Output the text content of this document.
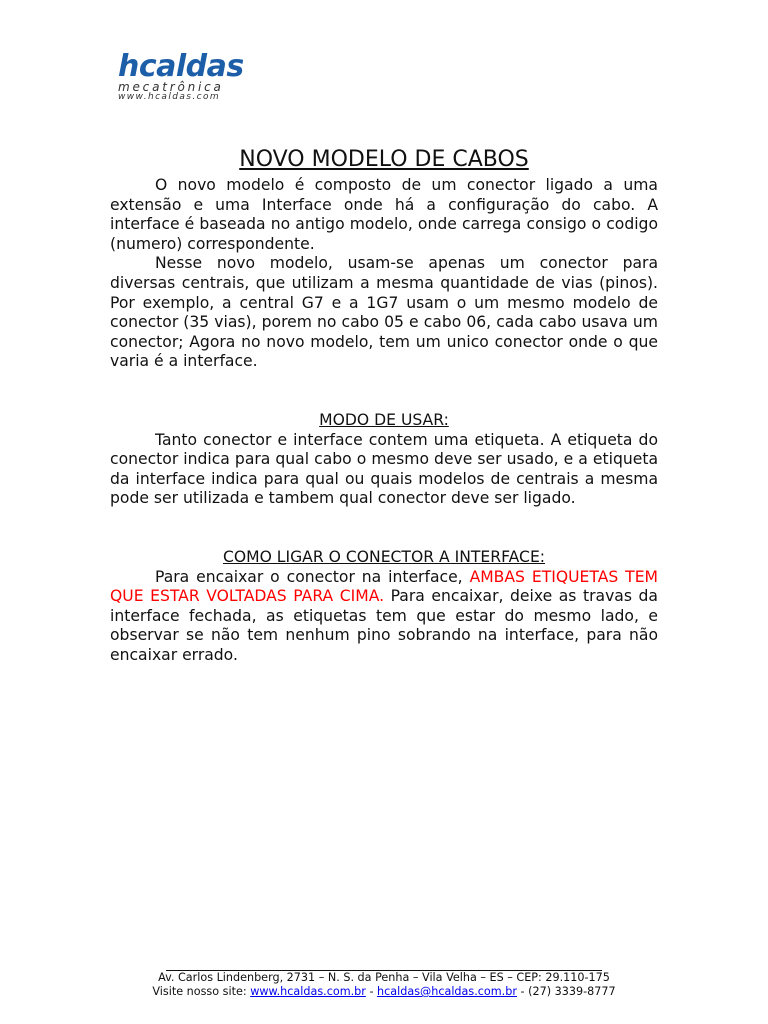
hcaldas
mecatrônica
www.hcaldas.com
NOVO MODELO DE CABOS

O novo modelo é composto de um conector ligado a uma extensão e uma Interface onde há a configuração do cabo. A interface é baseada no antigo modelo, onde carrega consigo o codigo (numero) correspondente.

Nesse novo modelo, usam-se apenas um conector para diversas centrais, que utilizam a mesma quantidade de vias (pinos). Por exemplo, a central G7 e a 1G7 usam o um mesmo modelo de conector (35 vias), porem no cabo 05 e cabo 06, cada cabo usava um conector; Agora no novo modelo, tem um unico conector onde o que varia é a interface.

MODO DE USAR:

Tanto conector e interface contem uma etiqueta. A etiqueta do conector indica para qual cabo o mesmo deve ser usado, e a etiqueta da interface indica para qual ou quais modelos de centrais a mesma pode ser utilizada e tambem qual conector deve ser ligado.

COMO LIGAR O CONECTOR A INTERFACE:

Para encaixar o conector na interface, AMBAS ETIQUETAS TEM QUE ESTAR VOLTADAS PARA CIMA. Para encaixar, deixe as travas da interface fechada, as etiquetas tem que estar do mesmo lado, e observar se não tem nenhum pino sobrando na interface, para não encaixar errado.

Av. Carlos Lindenberg, 2731 – N. S. da Penha – Vila Velha – ES – CEP: 29.110-175
Visite nosso site: www.hcaldas.com.br - hcaldas@hcaldas.com.br - (27) 3339-8777
